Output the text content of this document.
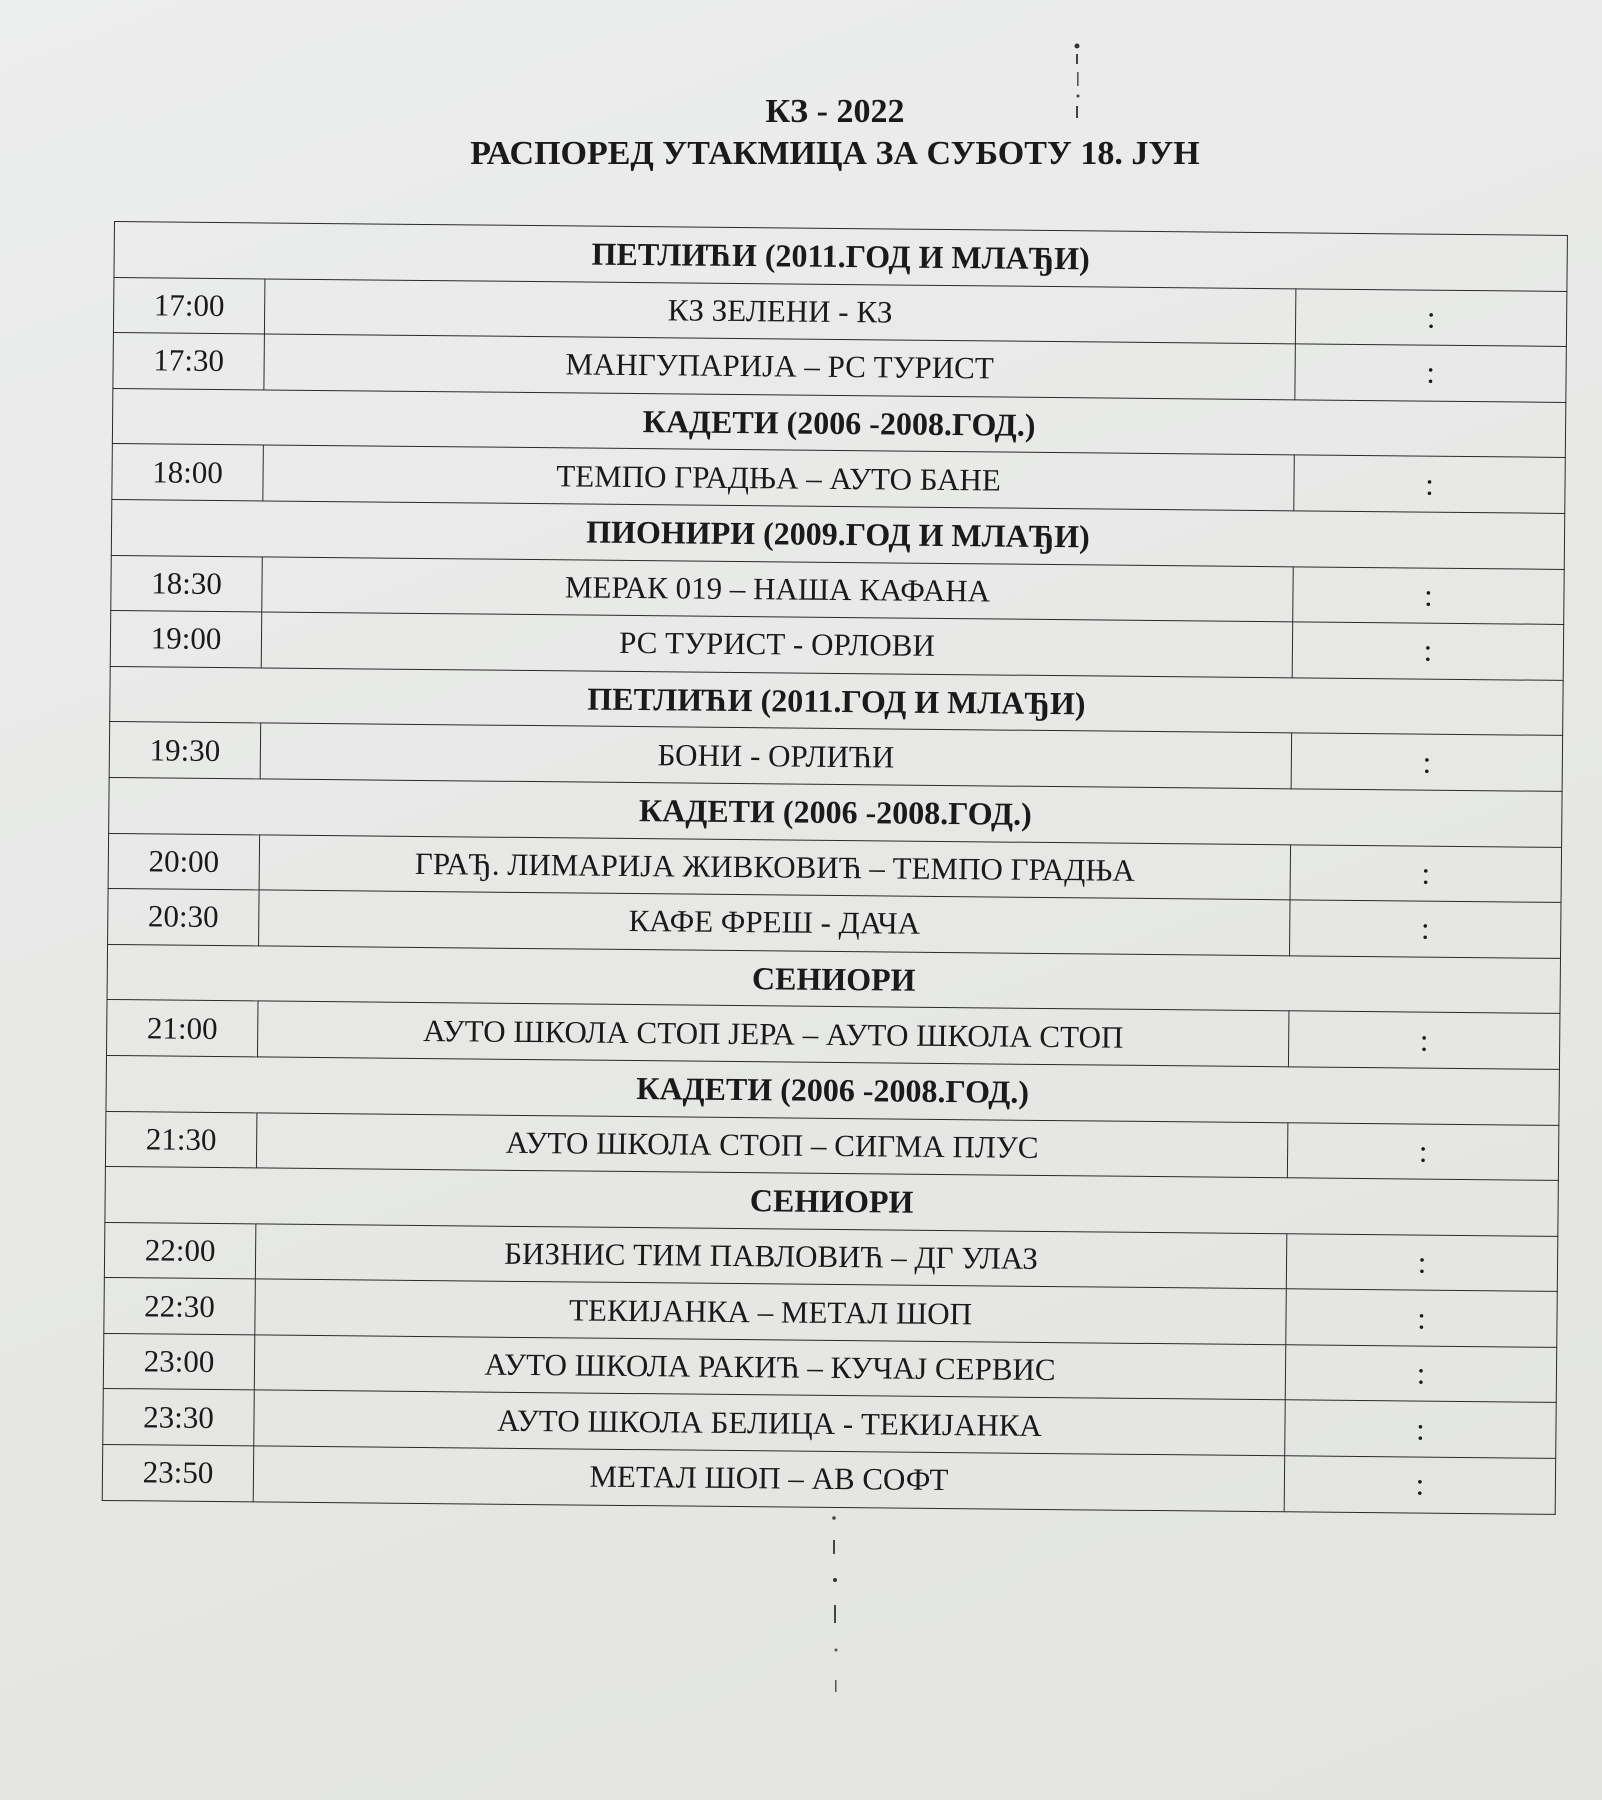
КЗ - 2022
РАСПОРЕД УТАКМИЦА ЗА СУБОТУ 18. ЈУН
ПЕТЛИЋИ (2011.ГОД И МЛАЂИ)		
17:00	КЗ ЗЕЛЕНИ - КЗ	:
17:30	МАНГУПАРИЈА – РС ТУРИСТ	:
КАДЕТИ (2006 -2008.ГОД.)		
18:00	ТЕМПО ГРАДЊА – АУТО БАНЕ	:
ПИОНИРИ (2009.ГОД И МЛАЂИ)		
18:30	МЕРАК 019 – НАША КАФАНА	:
19:00	РС ТУРИСТ - ОРЛОВИ	:
ПЕТЛИЋИ (2011.ГОД И МЛАЂИ)		
19:30	БОНИ - ОРЛИЋИ	:
КАДЕТИ (2006 -2008.ГОД.)		
20:00	ГРАЂ. ЛИМАРИЈА ЖИВКОВИЋ – ТЕМПО ГРАДЊА	:
20:30	КАФЕ ФРЕШ - ДАЧА	:
СЕНИОРИ		
21:00	АУТО ШКОЛА СТОП ЈЕРА – АУТО ШКОЛА СТОП	:
КАДЕТИ (2006 -2008.ГОД.)		
21:30	АУТО ШКОЛА СТОП – СИГМА ПЛУС	:
СЕНИОРИ		
22:00	БИЗНИС ТИМ ПАВЛОВИЋ – ДГ УЛАЗ	:
22:30	ТЕКИЈАНКА – МЕТАЛ ШОП	:
23:00	АУТО ШКОЛА РАКИЋ – КУЧАЈ СЕРВИС	:
23:30	АУТО ШКОЛА БЕЛИЦА - ТЕКИЈАНКА	:
23:50	МЕТАЛ ШОП – АВ СОФТ	:
